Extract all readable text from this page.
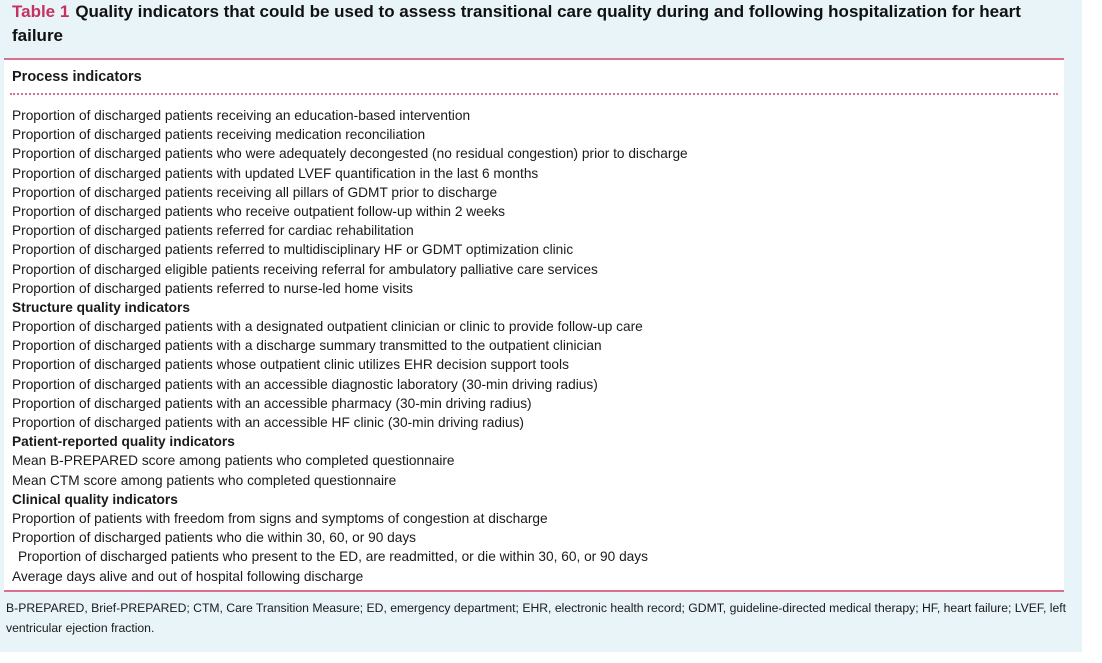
Table 1 Quality indicators that could be used to assess transitional care quality during and following hospitalization for heart failure
Process indicators
Proportion of discharged patients receiving an education-based intervention
Proportion of discharged patients receiving medication reconciliation
Proportion of discharged patients who were adequately decongested (no residual congestion) prior to discharge
Proportion of discharged patients with updated LVEF quantification in the last 6 months
Proportion of discharged patients receiving all pillars of GDMT prior to discharge
Proportion of discharged patients who receive outpatient follow-up within 2 weeks
Proportion of discharged patients referred for cardiac rehabilitation
Proportion of discharged patients referred to multidisciplinary HF or GDMT optimization clinic
Proportion of discharged eligible patients receiving referral for ambulatory palliative care services
Proportion of discharged patients referred to nurse-led home visits
Structure quality indicators
Proportion of discharged patients with a designated outpatient clinician or clinic to provide follow-up care
Proportion of discharged patients with a discharge summary transmitted to the outpatient clinician
Proportion of discharged patients whose outpatient clinic utilizes EHR decision support tools
Proportion of discharged patients with an accessible diagnostic laboratory (30-min driving radius)
Proportion of discharged patients with an accessible pharmacy (30-min driving radius)
Proportion of discharged patients with an accessible HF clinic (30-min driving radius)
Patient-reported quality indicators
Mean B-PREPARED score among patients who completed questionnaire
Mean CTM score among patients who completed questionnaire
Clinical quality indicators
Proportion of patients with freedom from signs and symptoms of congestion at discharge
Proportion of discharged patients who die within 30, 60, or 90 days
Proportion of discharged patients who present to the ED, are readmitted, or die within 30, 60, or 90 days
Average days alive and out of hospital following discharge
B-PREPARED, Brief-PREPARED; CTM, Care Transition Measure; ED, emergency department; EHR, electronic health record; GDMT, guideline-directed medical therapy; HF, heart failure; LVEF, left ventricular ejection fraction.
